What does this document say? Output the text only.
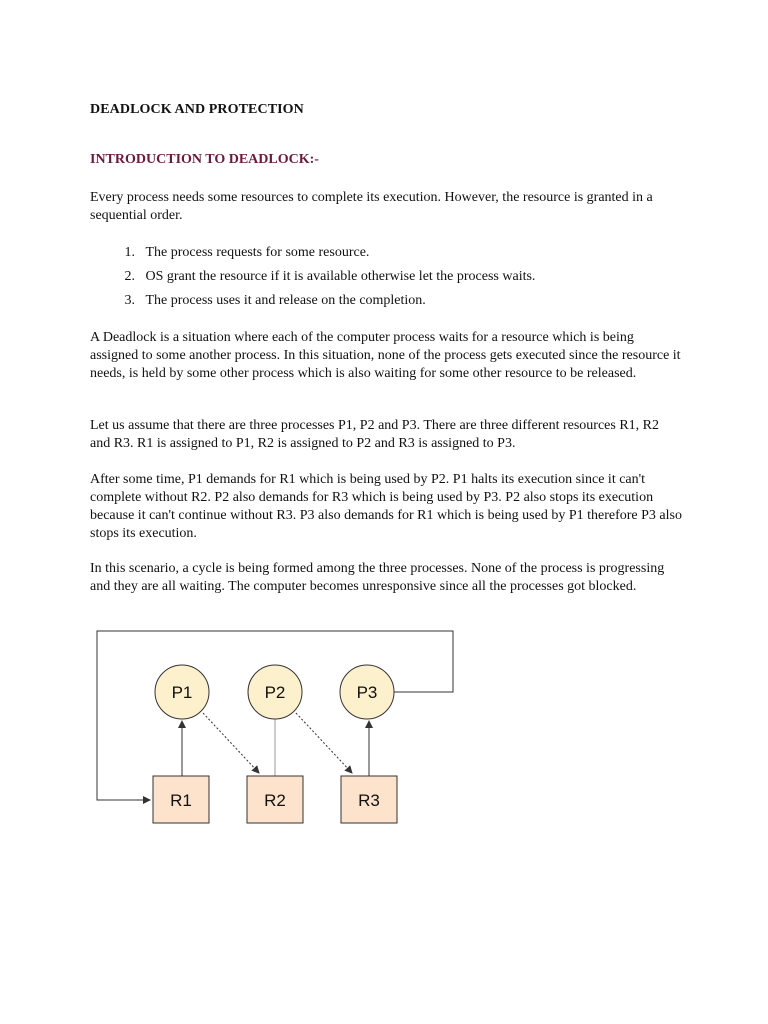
DEADLOCK AND PROTECTION
INTRODUCTION TO DEADLOCK:-

Every process needs some resources to complete its execution. However, the resource is granted in a sequential order.

1.
The process requests for some resource.
2.
OS grant the resource if it is available otherwise let the process waits.
3.
The process uses it and release on the completion.

A Deadlock is a situation where each of the computer process waits for a resource which is being assigned to some another process. In this situation, none of the process gets executed since the resource it needs, is held by some other process which is also waiting for some other resource to be released.

Let us assume that there are three processes P1, P2 and P3. There are three different resources R1, R2 and R3. R1 is assigned to P1, R2 is assigned to P2 and R3 is assigned to P3.

After some time, P1 demands for R1 which is being used by P2. P1 halts its execution since it can't complete without R2. P2 also demands for R3 which is being used by P3. P2 also stops its execution because it can't continue without R3. P3 also demands for R1 which is being used by P1 therefore P3 also stops its execution.

In this scenario, a cycle is being formed among the three processes. None of the process is progressing and they are all waiting. The computer becomes unresponsive since all the processes got blocked.

P1	P2	P3
R1	R2	R3
